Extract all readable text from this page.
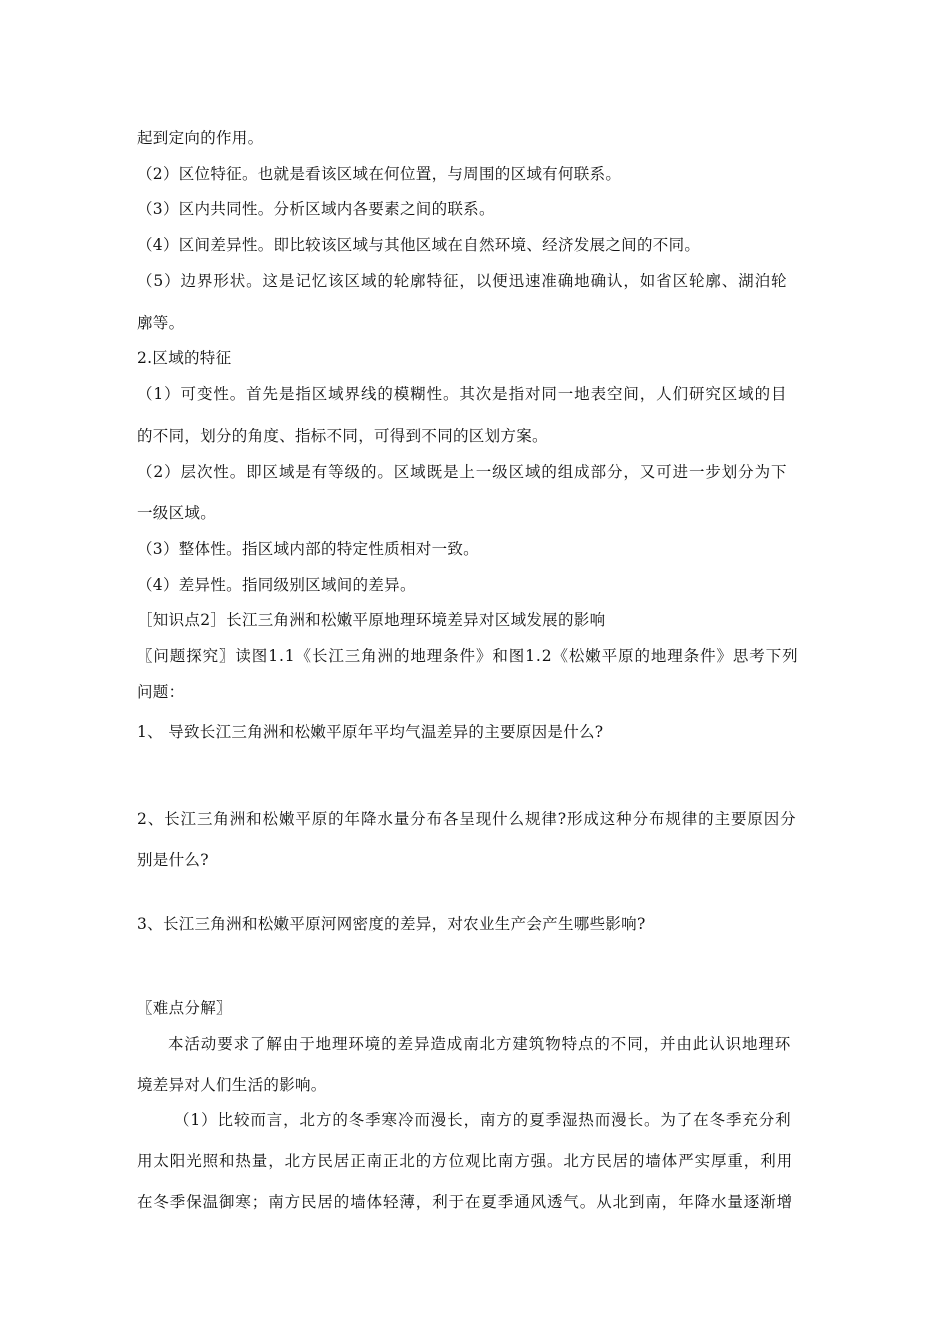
起到定向的作用。
（2）区位特征。也就是看该区域在何位置，与周围的区域有何联系。
（3）区内共同性。分析区域内各要素之间的联系。
（4）区间差异性。即比较该区域与其他区域在自然环境、经济发展之间的不同。
（5）边界形状。这是记忆该区域的轮廓特征，以便迅速准确地确认，如省区轮廓、湖泊轮
廓等。
2.区域的特征
（1）可变性。首先是指区域界线的模糊性。其次是指对同一地表空间，人们研究区域的目
的不同，划分的角度、指标不同，可得到不同的区划方案。
（2）层次性。即区域是有等级的。区域既是上一级区域的组成部分，又可进一步划分为下
一级区域。
（3）整体性。指区域内部的特定性质相对一致。
（4）差异性。指同级别区域间的差异。
［知识点2］长江三角洲和松嫩平原地理环境差异对区域发展的影响
〖问题探究〗读图1.1《长江三角洲的地理条件》和图1.2《松嫩平原的地理条件》思考下列
问题：
1、 导致长江三角洲和松嫩平原年平均气温差异的主要原因是什么?
2、长江三角洲和松嫩平原的年降水量分布各呈现什么规律?形成这种分布规律的主要原因分
别是什么?
3、长江三角洲和松嫩平原河网密度的差异，对农业生产会产生哪些影响?
〖难点分解〗
本活动要求了解由于地理环境的差异造成南北方建筑物特点的不同，并由此认识地理环
境差异对人们生活的影响。
（1）比较而言，北方的冬季寒冷而漫长，南方的夏季湿热而漫长。为了在冬季充分利
用太阳光照和热量，北方民居正南正北的方位观比南方强。北方民居的墙体严实厚重，利用
在冬季保温御寒；南方民居的墙体轻薄，利于在夏季通风透气。从北到南，年降水量逐渐增
